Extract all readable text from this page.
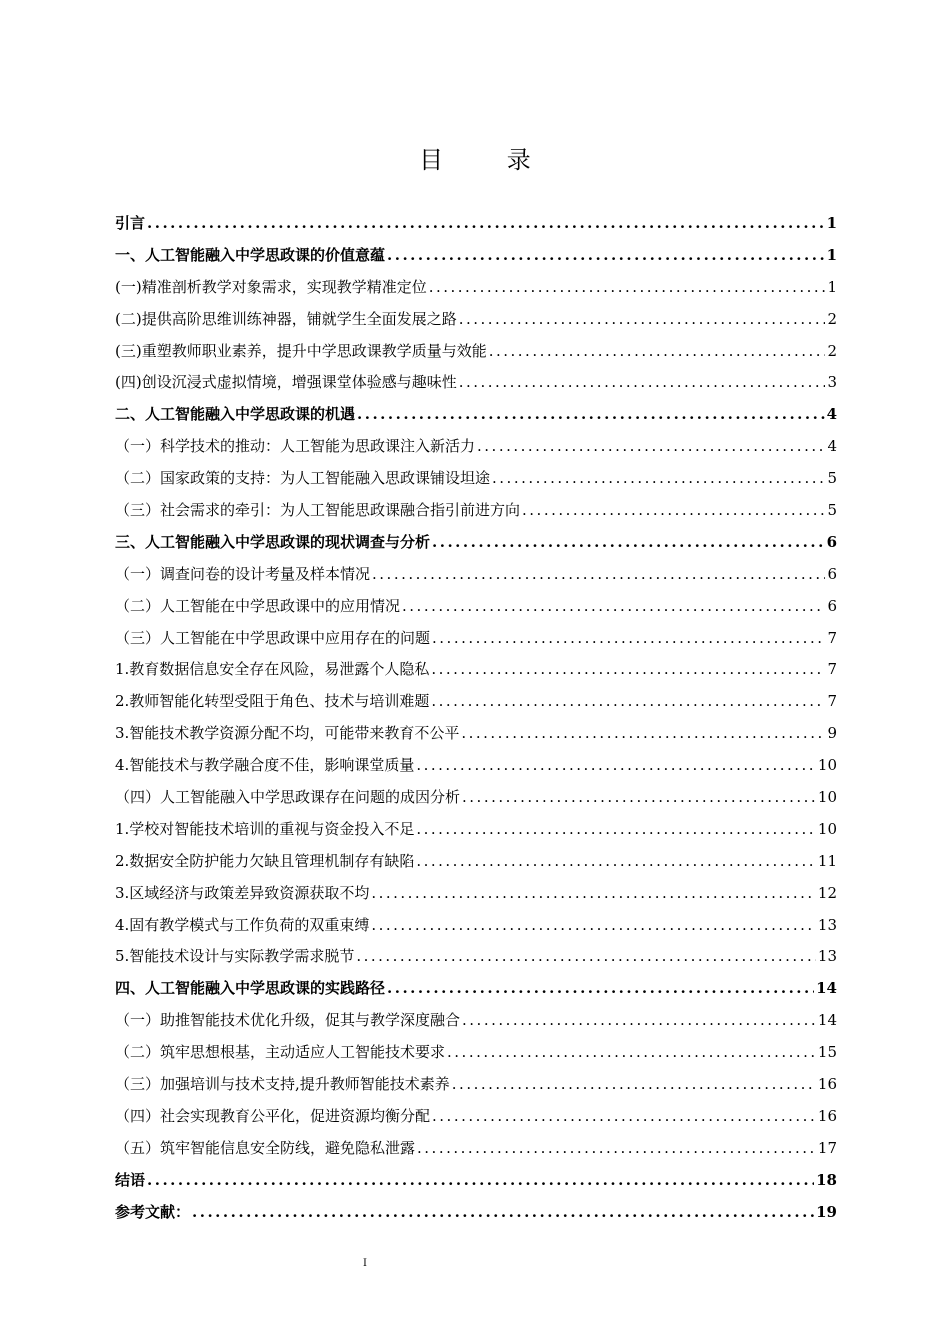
目 录
引言 .....	1
一、人工智能融入中学思政课的价值意蕴 .....	1
(一)精准剖析教学对象需求，实现教学精准定位 .....	1
(二)提供高阶思维训练神器，铺就学生全面发展之路 .....	2
(三)重塑教师职业素养，提升中学思政课教学质量与效能 .....	2
(四)创设沉浸式虚拟情境，增强课堂体验感与趣味性 .....	3
二、人工智能融入中学思政课的机遇 .....	4
（一）科学技术的推动：人工智能为思政课注入新活力 .....	4
（二）国家政策的支持：为人工智能融入思政课铺设坦途 .....	5
（三）社会需求的牵引：为人工智能思政课融合指引前进方向 .....	5
三、人工智能融入中学思政课的现状调查与分析 .....	6
（一）调查问卷的设计考量及样本情况 .....	6
（二）人工智能在中学思政课中的应用情况 .....	6
（三）人工智能在中学思政课中应用存在的问题 .....	7
1.教育数据信息安全存在风险，易泄露个人隐私 .....	7
2.教师智能化转型受阻于角色、技术与培训难题 .....	7
3.智能技术教学资源分配不均，可能带来教育不公平 .....	9
4.智能技术与教学融合度不佳，影响课堂质量 .....	10
（四）人工智能融入中学思政课存在问题的成因分析 .....	10
1.学校对智能技术培训的重视与资金投入不足 .....	10
2.数据安全防护能力欠缺且管理机制存有缺陷 .....	11
3.区域经济与政策差异致资源获取不均 .....	12
4.固有教学模式与工作负荷的双重束缚 .....	13
5.智能技术设计与实际教学需求脱节 .....	13
四、人工智能融入中学思政课的实践路径 .....	14
（一）助推智能技术优化升级，促其与教学深度融合 .....	14
（二）筑牢思想根基，主动适应人工智能技术要求 .....	15
（三）加强培训与技术支持,提升教师智能技术素养 .....	16
（四）社会实现教育公平化，促进资源均衡分配 .....	16
（五）筑牢智能信息安全防线，避免隐私泄露 .....	17
结语 .....	18
参考文献： .....	19
I
